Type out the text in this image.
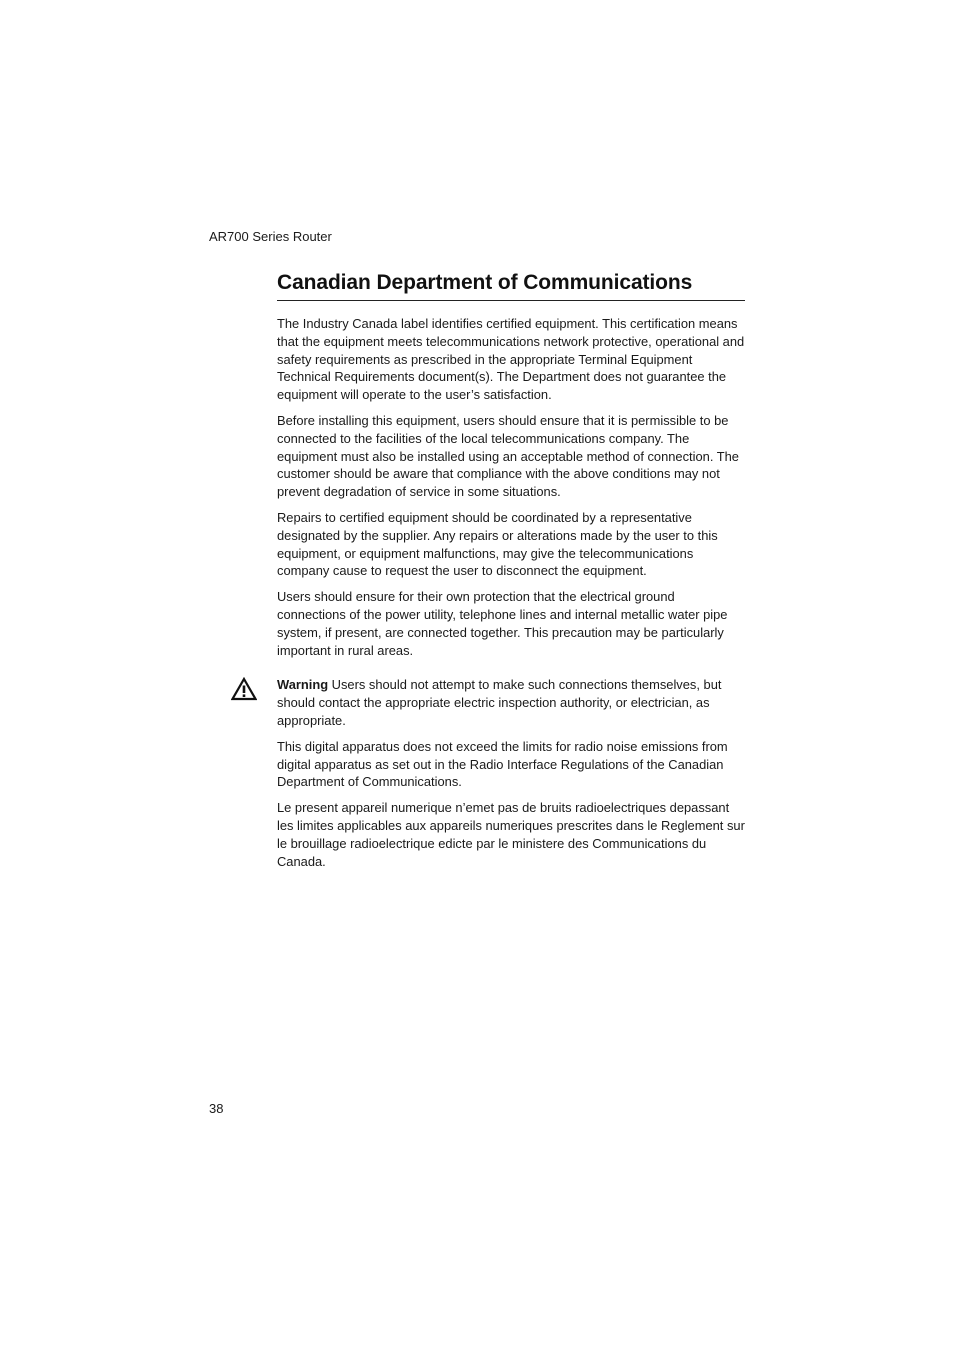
AR700 Series Router
Canadian Department of Communications

The Industry Canada label identifies certified equipment. This certification means that the equipment meets telecommunications network protective, operational and safety requirements as prescribed in the appropriate Terminal Equipment Technical Requirements document(s). The Department does not guarantee the equipment will operate to the user’s satisfaction.

Before installing this equipment, users should ensure that it is permissible to be connected to the facilities of the local telecommunications company. The equipment must also be installed using an acceptable method of connection. The customer should be aware that compliance with the above conditions may not prevent degradation of service in some situations.

Repairs to certified equipment should be coordinated by a representative designated by the supplier. Any repairs or alterations made by the user to this equipment, or equipment malfunctions, may give the telecommunications company cause to request the user to disconnect the equipment.

Users should ensure for their own protection that the electrical ground connections of the power utility, telephone lines and internal metallic water pipe system, if present, are connected together. This precaution may be particularly important in rural areas.

Warning Users should not attempt to make such connections themselves, but should contact the appropriate electric inspection authority, or electrician, as appropriate.

This digital apparatus does not exceed the limits for radio noise emissions from digital apparatus as set out in the Radio Interface Regulations of the Canadian Department of Communications.

Le present appareil numerique n’emet pas de bruits radioelectriques depassant les limites applicables aux appareils numeriques prescrites dans le Reglement sur le brouillage radioelectrique edicte par le ministere des Communications du Canada.

38
